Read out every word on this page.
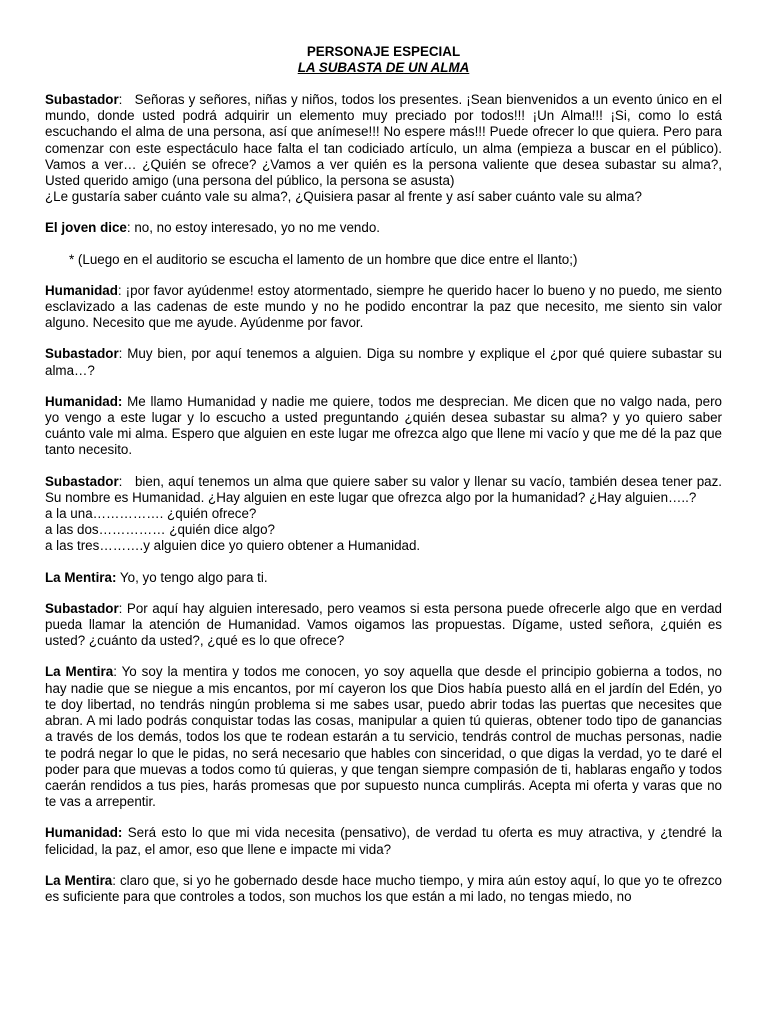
PERSONAJE ESPECIAL
LA SUBASTA DE UN ALMA
Subastador:   Señoras y señores, niñas y niños, todos los presentes. ¡Sean bienvenidos a un evento único en el mundo, donde usted podrá adquirir un elemento muy preciado por todos!!! ¡Un Alma!!! ¡Si, como lo está escuchando el alma de una persona, así que anímese!!! No espere más!!! Puede ofrecer lo que quiera. Pero para comenzar con este espectáculo hace falta el tan codiciado artículo, un alma (empieza a buscar en el público). Vamos a ver… ¿Quién se ofrece? ¿Vamos a ver quién es la persona valiente que desea subastar su alma?, Usted querido amigo (una persona del público, la persona se asusta)
¿Le gustaría saber cuánto vale su alma?, ¿Quisiera pasar al frente y así saber cuánto vale su alma?
El joven dice: no, no estoy interesado, yo no me vendo.
* (Luego en el auditorio se escucha el lamento de un hombre que dice entre el llanto;)
Humanidad: ¡por favor ayúdenme! estoy atormentado, siempre he querido hacer lo bueno y no puedo, me siento esclavizado a las cadenas de este mundo y no he podido encontrar la paz que necesito, me siento sin valor alguno. Necesito que me ayude. Ayúdenme por favor.
Subastador: Muy bien, por aquí tenemos a alguien. Diga su nombre y explique el ¿por qué quiere subastar su alma…?
Humanidad: Me llamo Humanidad y nadie me quiere, todos me desprecian. Me dicen que no valgo nada, pero yo vengo a este lugar y lo escucho a usted preguntando ¿quién desea subastar su alma? y yo quiero saber cuánto vale mi alma. Espero que alguien en este lugar me ofrezca algo que llene mi vacío y que me dé la paz que tanto necesito.
Subastador:   bien, aquí tenemos un alma que quiere saber su valor y llenar su vacío, también desea tener paz. Su nombre es Humanidad. ¿Hay alguien en este lugar que ofrezca algo por la humanidad? ¿Hay alguien…..?
a la una……………. ¿quién ofrece?
a las dos…………… ¿quién dice algo?
a las tres……….y alguien dice yo quiero obtener a Humanidad.
La Mentira: Yo, yo tengo algo para ti.
Subastador: Por aquí hay alguien interesado, pero veamos si esta persona puede ofrecerle algo que en verdad pueda llamar la atención de Humanidad. Vamos oigamos las propuestas. Dígame, usted señora, ¿quién es usted? ¿cuánto da usted?, ¿qué es lo que ofrece?
La Mentira: Yo soy la mentira y todos me conocen, yo soy aquella que desde el principio gobierna a todos, no hay nadie que se niegue a mis encantos, por mí cayeron los que Dios había puesto allá en el jardín del Edén, yo te doy libertad, no tendrás ningún problema si me sabes usar, puedo abrir todas las puertas que necesites que abran. A mi lado podrás conquistar todas las cosas, manipular a quien tú quieras, obtener todo tipo de ganancias a través de los demás, todos los que te rodean estarán a tu servicio, tendrás control de muchas personas, nadie te podrá negar lo que le pidas, no será necesario que hables con sinceridad, o que digas la verdad, yo te daré el poder para que muevas a todos como tú quieras, y que tengan siempre compasión de ti, hablaras engaño y todos caerán rendidos a tus pies, harás promesas que por supuesto nunca cumplirás. Acepta mi oferta y varas que no te vas a arrepentir.
Humanidad: Será esto lo que mi vida necesita (pensativo), de verdad tu oferta es muy atractiva, y ¿tendré la felicidad, la paz, el amor, eso que llene e impacte mi vida?
La Mentira: claro que, si yo he gobernado desde hace mucho tiempo, y mira aún estoy aquí, lo que yo te ofrezco es suficiente para que controles a todos, son muchos los que están a mi lado, no tengas miedo, no
